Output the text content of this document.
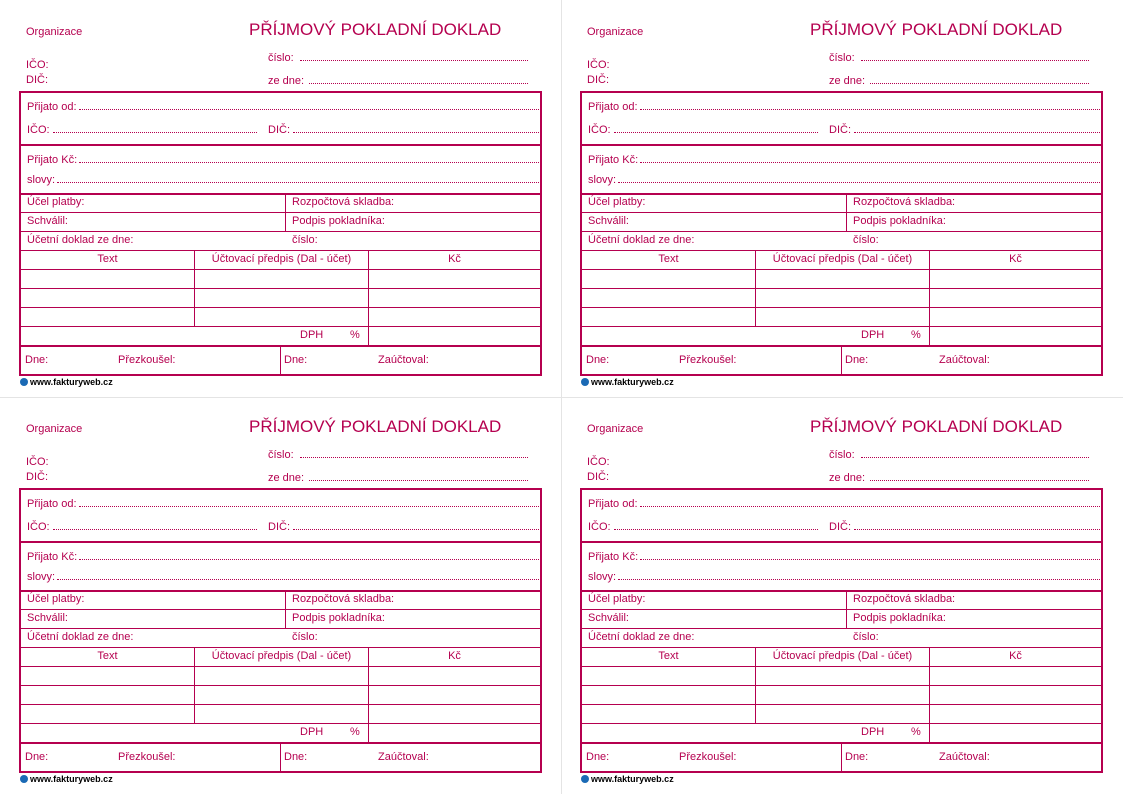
Organizace	PŘÍJMOVÝ POKLADNÍ DOKLAD
IČO:
DIČ:
číslo:
ze dne:
Přijato od:
IČO:	DIČ:
Přijato Kč:
slovy:
Účel platby:	Rozpočtová skladba:
Schválil:	Podpis pokladníka:
Účetní doklad ze dne:	číslo:
Text	Účtovací předpis (Dal - účet)	Kč
DPH %
Dne:	Přezkoušel:	Dne:	Zaúčtoval:
www.fakturyweb.cz
Organizace	PŘÍJMOVÝ POKLADNÍ DOKLAD
IČO:
DIČ:
číslo:
ze dne:
Přijato od:
IČO:	DIČ:
Přijato Kč:
slovy:
Účel platby:	Rozpočtová skladba:
Schválil:	Podpis pokladníka:
Účetní doklad ze dne:	číslo:
Text	Účtovací předpis (Dal - účet)	Kč
DPH %
Dne:	Přezkoušel:	Dne:	Zaúčtoval:
www.fakturyweb.cz
Organizace	PŘÍJMOVÝ POKLADNÍ DOKLAD
IČO:
DIČ:
číslo:
ze dne:
Přijato od:
IČO:	DIČ:
Přijato Kč:
slovy:
Účel platby:	Rozpočtová skladba:
Schválil:	Podpis pokladníka:
Účetní doklad ze dne:	číslo:
Text	Účtovací předpis (Dal - účet)	Kč
DPH %
Dne:	Přezkoušel:	Dne:	Zaúčtoval:
www.fakturyweb.cz
Organizace	PŘÍJMOVÝ POKLADNÍ DOKLAD
IČO:
DIČ:
číslo:
ze dne:
Přijato od:
IČO:	DIČ:
Přijato Kč:
slovy:
Účel platby:	Rozpočtová skladba:
Schválil:	Podpis pokladníka:
Účetní doklad ze dne:	číslo:
Text	Účtovací předpis (Dal - účet)	Kč
DPH %
Dne:	Přezkoušel:	Dne:	Zaúčtoval:
www.fakturyweb.cz
